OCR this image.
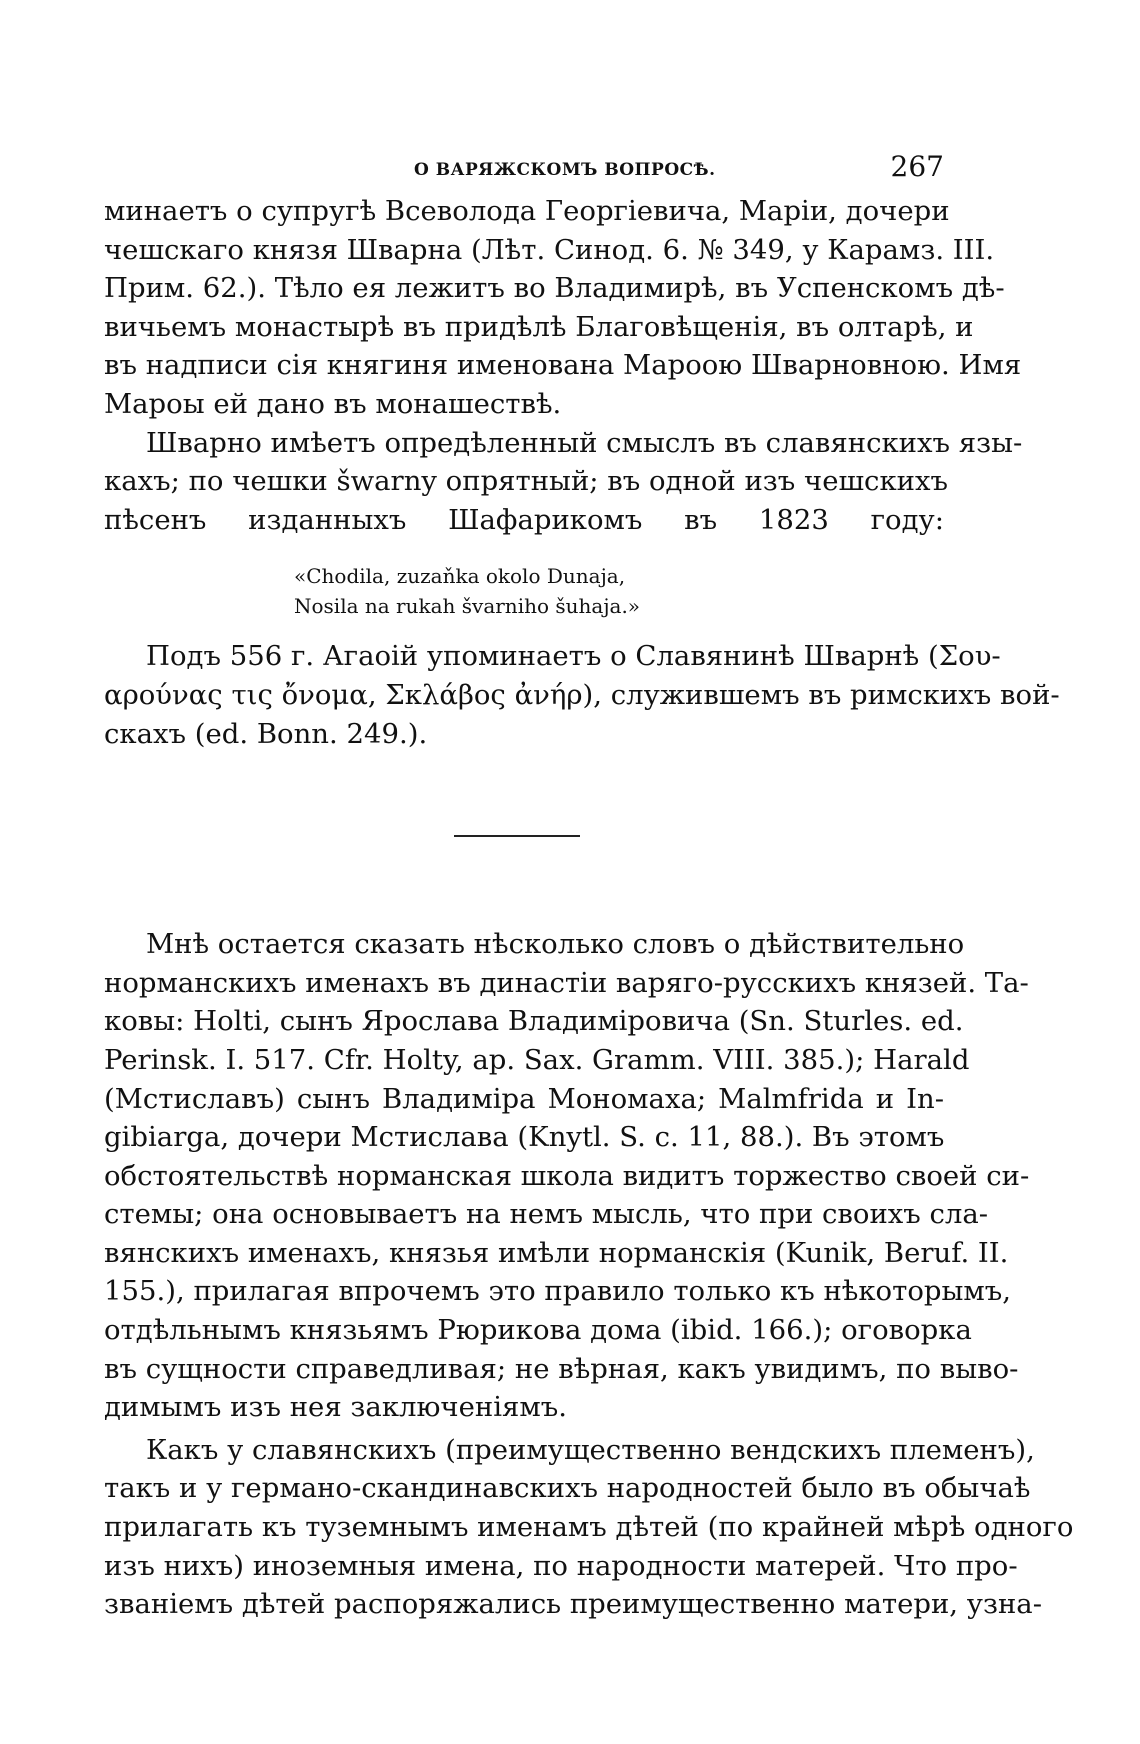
О ВАРЯЖСКОМЪ ВОПРОСѢ.	267

минаетъ о супругѣ Всеволода Георгіевича, Маріи, дочери
чешскаго князя Шварна (Лѣт. Синод. 6. № 349, у Карамз. III.
Прим. 62.). Тѣло ея лежитъ во Владимирѣ, въ Успенскомъ дѣ-
вичьемъ монастырѣ въ придѣлѣ Благовѣщенія, въ олтарѣ, и
въ надписи сія княгиня именована Мароою Шварновною. Имя
Мароы ей дано въ монашествѣ.

Шварно имѣетъ опредѣленный смыслъ въ славянскихъ язы-
кахъ; по чешки šwarny опрятный; въ одной изъ чешскихъ
пѣсенъ изданныхъ Шафарикомъ въ 1823 году:

«Chodila, zuzaňka okolo Dunaja,
Nosila na rukah švarniho šuhaja.»

Подъ 556 г. Агаоій упоминаетъ о Славянинѣ Шварнѣ (Σου-
αρούνας τις ὄνομα, Σκλάβος ἀνήρ), служившемъ въ римскихъ вой-
скахъ (ed. Bonn. 249.).

Мнѣ остается сказать нѣсколько словъ о дѣйствительно
норманскихъ именахъ въ династіи варяго-русскихъ князей. Та-
ковы: Holti, сынъ Ярослава Владиміровича (Sn. Sturles. ed.
Perinsk. I. 517. Cfr. Holty, ap. Sax. Gramm. VIII. 385.); Harald
(Мстиславъ) сынъ Владиміра Мономаха; Malmfrida и In-
gibiarga, дочери Мстислава (Knytl. S. c. 11, 88.). Въ этомъ
обстоятельствѣ норманская школа видитъ торжество своей си-
стемы; она основываетъ на немъ мысль, что при своихъ сла-
вянскихъ именахъ, князья имѣли норманскія (Kunik, Beruf. II.
155.), прилагая впрочемъ это правило только къ нѣкоторымъ,
отдѣльнымъ князьямъ Рюрикова дома (ibid. 166.); оговорка
въ сущности справедливая; не вѣрная, какъ увидимъ, по выво-
димымъ изъ нея заключеніямъ.

Какъ у славянскихъ (преимущественно вендскихъ племенъ),
такъ и у германо-скандинавскихъ народностей было въ обычаѣ
прилагать къ туземнымъ именамъ дѣтей (по крайней мѣрѣ одного
изъ нихъ) иноземныя имена, по народности матерей. Что про-
званіемъ дѣтей распоряжались преимущественно матери, узна-
